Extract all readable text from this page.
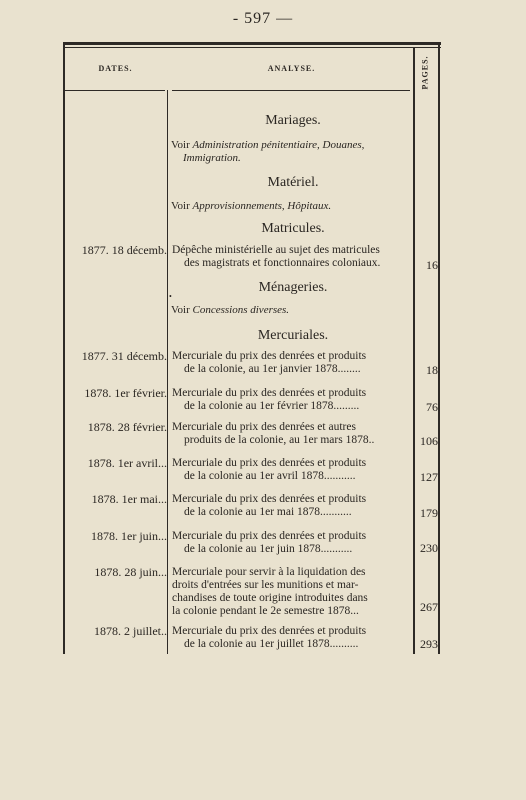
- 597 —
DATES.	ANALYSE.	PAGES.
Mariages.
Voir Administration pénitentiaire, Douanes,
Immigration.
Matériel.
Voir Approvisionnements, Hôpitaux.
Matricules.
1877. 18 décemb. Dépêche ministérielle au sujet des matricules
des magistrats et fonctionnaires coloniaux.	16
Ménageries.
•
Voir Concessions diverses.
Mercuriales.
1877. 31 décemb. Mercuriale du prix des denrées et produits
de la colonie, au 1er janvier 1878........	18
1878. 1er février. Mercuriale du prix des denrées et produits
de la colonie au 1er février 1878.........	76
1878. 28 février. Mercuriale du prix des denrées et autres
produits de la colonie, au 1er mars 1878..	106
1878. 1er avril... Mercuriale du prix des denrées et produits
de la colonie au 1er avril 1878...........	127
1878. 1er mai... Mercuriale du prix des denrées et produits
de la colonie au 1er mai 1878...........	179
1878. 1er juin... Mercuriale du prix des denrées et produits
de la colonie au 1er juin 1878...........	230
1878. 28 juin... Mercuriale pour servir à la liquidation des
droits d'entrées sur les munitions et mar-
chandises de toute origine introduites dans
la colonie pendant le 2e semestre 1878...	267
1878. 2 juillet.. Mercuriale du prix des denrées et produits
de la colonie au 1er juillet 1878..........	293
